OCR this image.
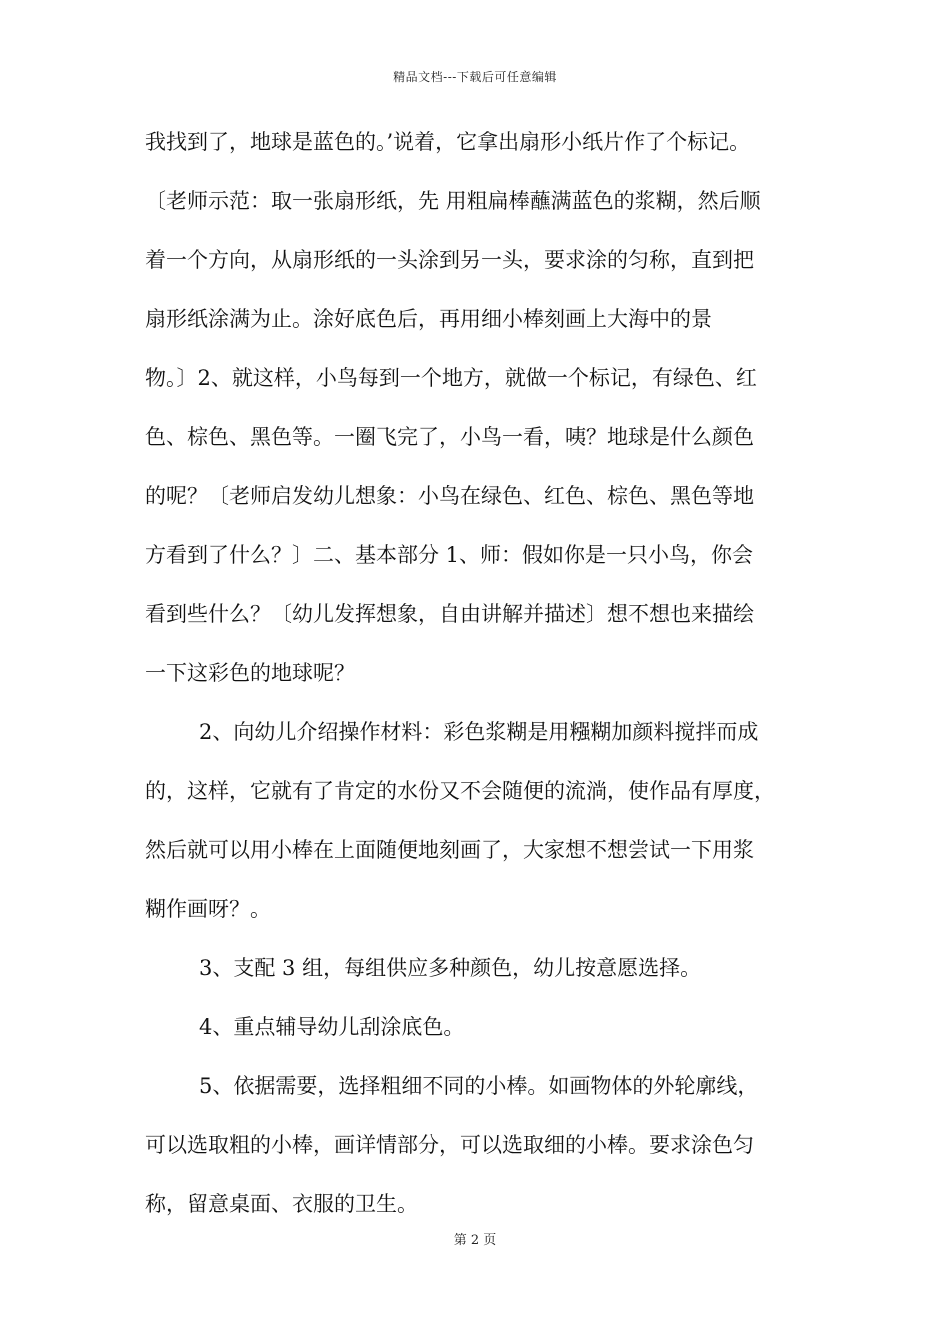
精品文档---下载后可任意编辑
我找到了，地球是蓝色的。’说着，它拿出扇形小纸片作了个标记。
〔老师示范：取一张扇形纸，先 用粗扁棒蘸满蓝色的浆糊，然后顺
着一个方向，从扇形纸的一头涂到另一头，要求涂的匀称，直到把
扇形纸涂满为止。涂好底色后，再用细小棒刻画上大海中的景
物。〕2、就这样，小鸟每到一个地方，就做一个标记，有绿色、红
色、棕色、黑色等。一圈飞完了，小鸟一看，咦？地球是什么颜色
的呢？〔老师启发幼儿想象：小鸟在绿色、红色、棕色、黑色等地
方看到了什么？〕二、基本部分 1、师：假如你是一只小鸟，你会
看到些什么？〔幼儿发挥想象，自由讲解并描述〕想不想也来描绘
一下这彩色的地球呢？
2、向幼儿介绍操作材料：彩色浆糊是用糨糊加颜料搅拌而成
的，这样，它就有了肯定的水份又不会随便的流淌，使作品有厚度，
然后就可以用小棒在上面随便地刻画了，大家想不想尝试一下用浆
糊作画呀？。
3、支配 3 组，每组供应多种颜色，幼儿按意愿选择。
4、重点辅导幼儿刮涂底色。
5、依据需要，选择粗细不同的小棒。如画物体的外轮廓线，
可以选取粗的小棒，画详情部分，可以选取细的小棒。要求涂色匀
称，留意桌面、衣服的卫生。
第 2 页
